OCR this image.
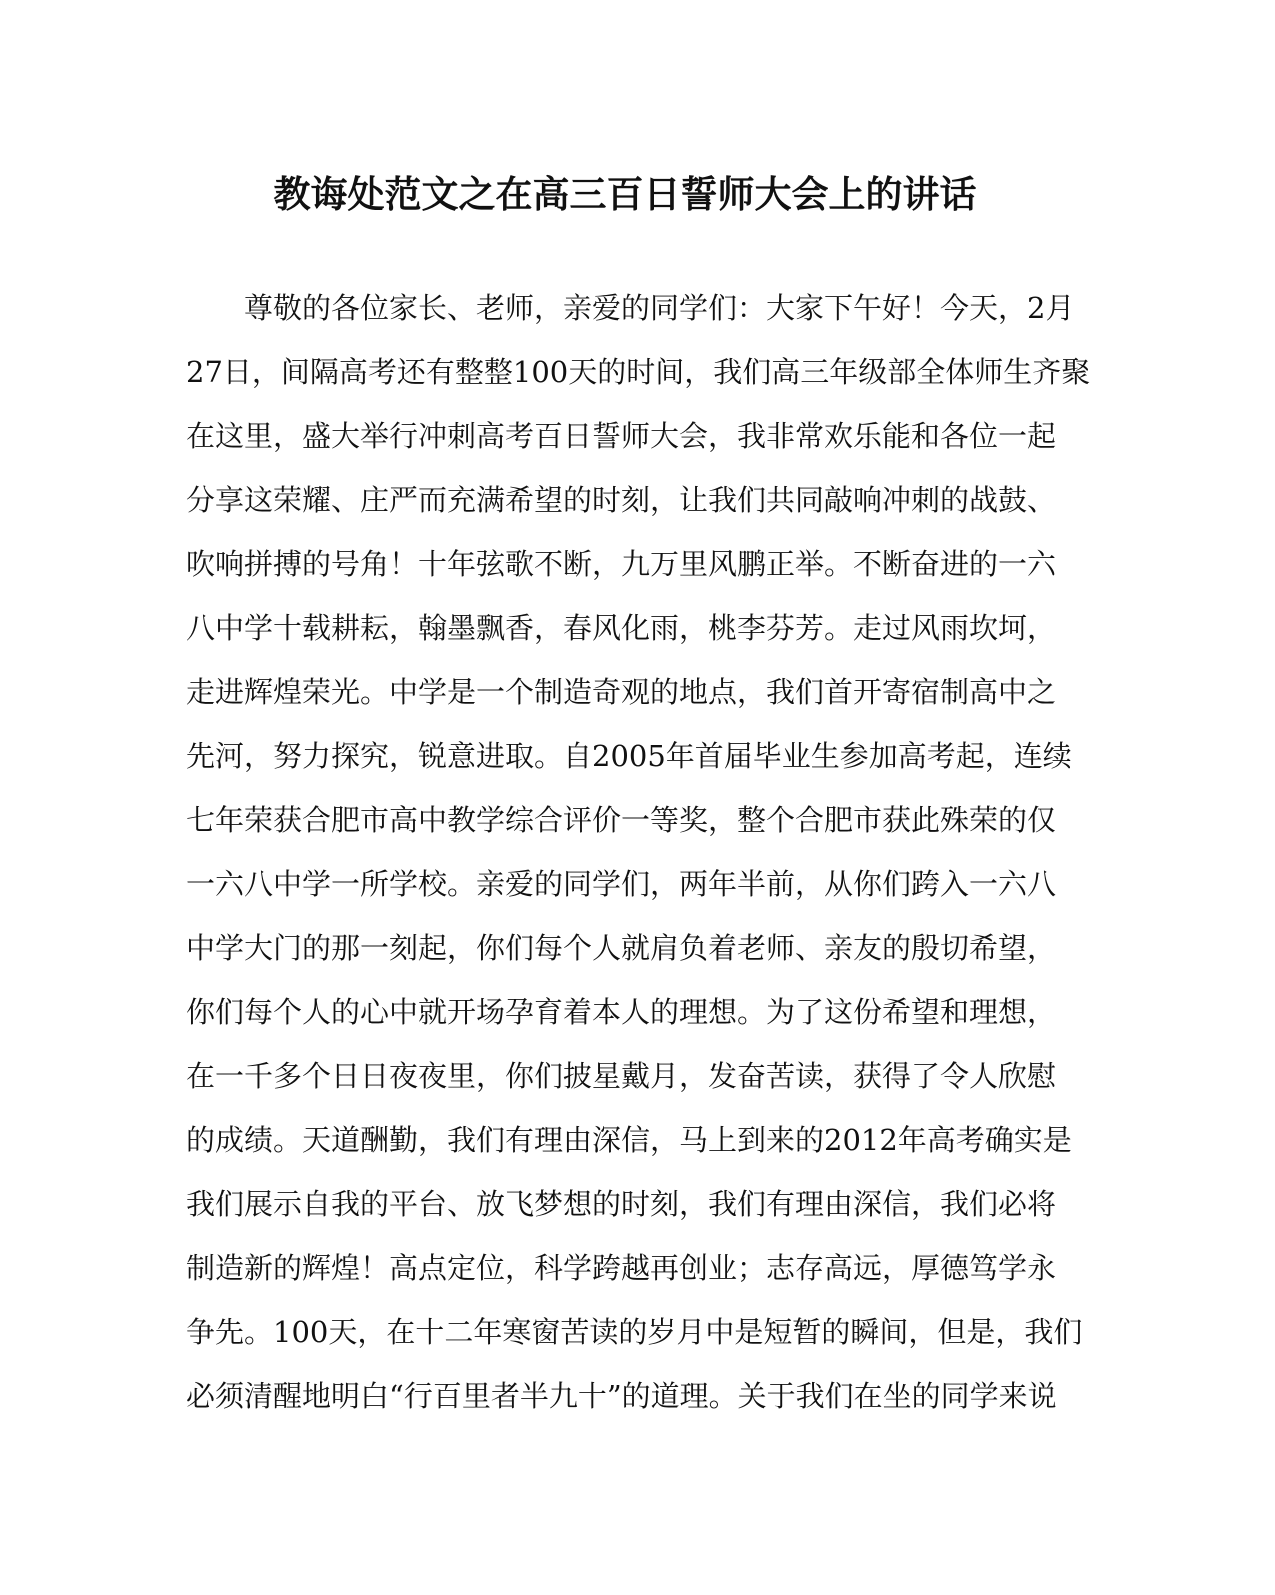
教诲处范文之在高三百日誓师大会上的讲话
尊敬的各位家长、老师，亲爱的同学们：大家下午好！今天，2月
27日，间隔高考还有整整100天的时间，我们高三年级部全体师生齐聚
在这里，盛大举行冲刺高考百日誓师大会，我非常欢乐能和各位一起
分享这荣耀、庄严而充满希望的时刻，让我们共同敲响冲刺的战鼓、
吹响拼搏的号角！十年弦歌不断，九万里风鹏正举。不断奋进的一六
八中学十载耕耘，翰墨飘香，春风化雨，桃李芬芳。走过风雨坎坷，
走进辉煌荣光。中学是一个制造奇观的地点，我们首开寄宿制高中之
先河，努力探究，锐意进取。自2005年首届毕业生参加高考起，连续
七年荣获合肥市高中教学综合评价一等奖，整个合肥市获此殊荣的仅
一六八中学一所学校。亲爱的同学们，两年半前，从你们跨入一六八
中学大门的那一刻起，你们每个人就肩负着老师、亲友的殷切希望，
你们每个人的心中就开场孕育着本人的理想。为了这份希望和理想，
在一千多个日日夜夜里，你们披星戴月，发奋苦读，获得了令人欣慰
的成绩。天道酬勤，我们有理由深信，马上到来的2012年高考确实是
我们展示自我的平台、放飞梦想的时刻，我们有理由深信，我们必将
制造新的辉煌！高点定位，科学跨越再创业；志存高远，厚德笃学永
争先。100天，在十二年寒窗苦读的岁月中是短暂的瞬间，但是，我们
必须清醒地明白“行百里者半九十”的道理。关于我们在坐的同学来说
